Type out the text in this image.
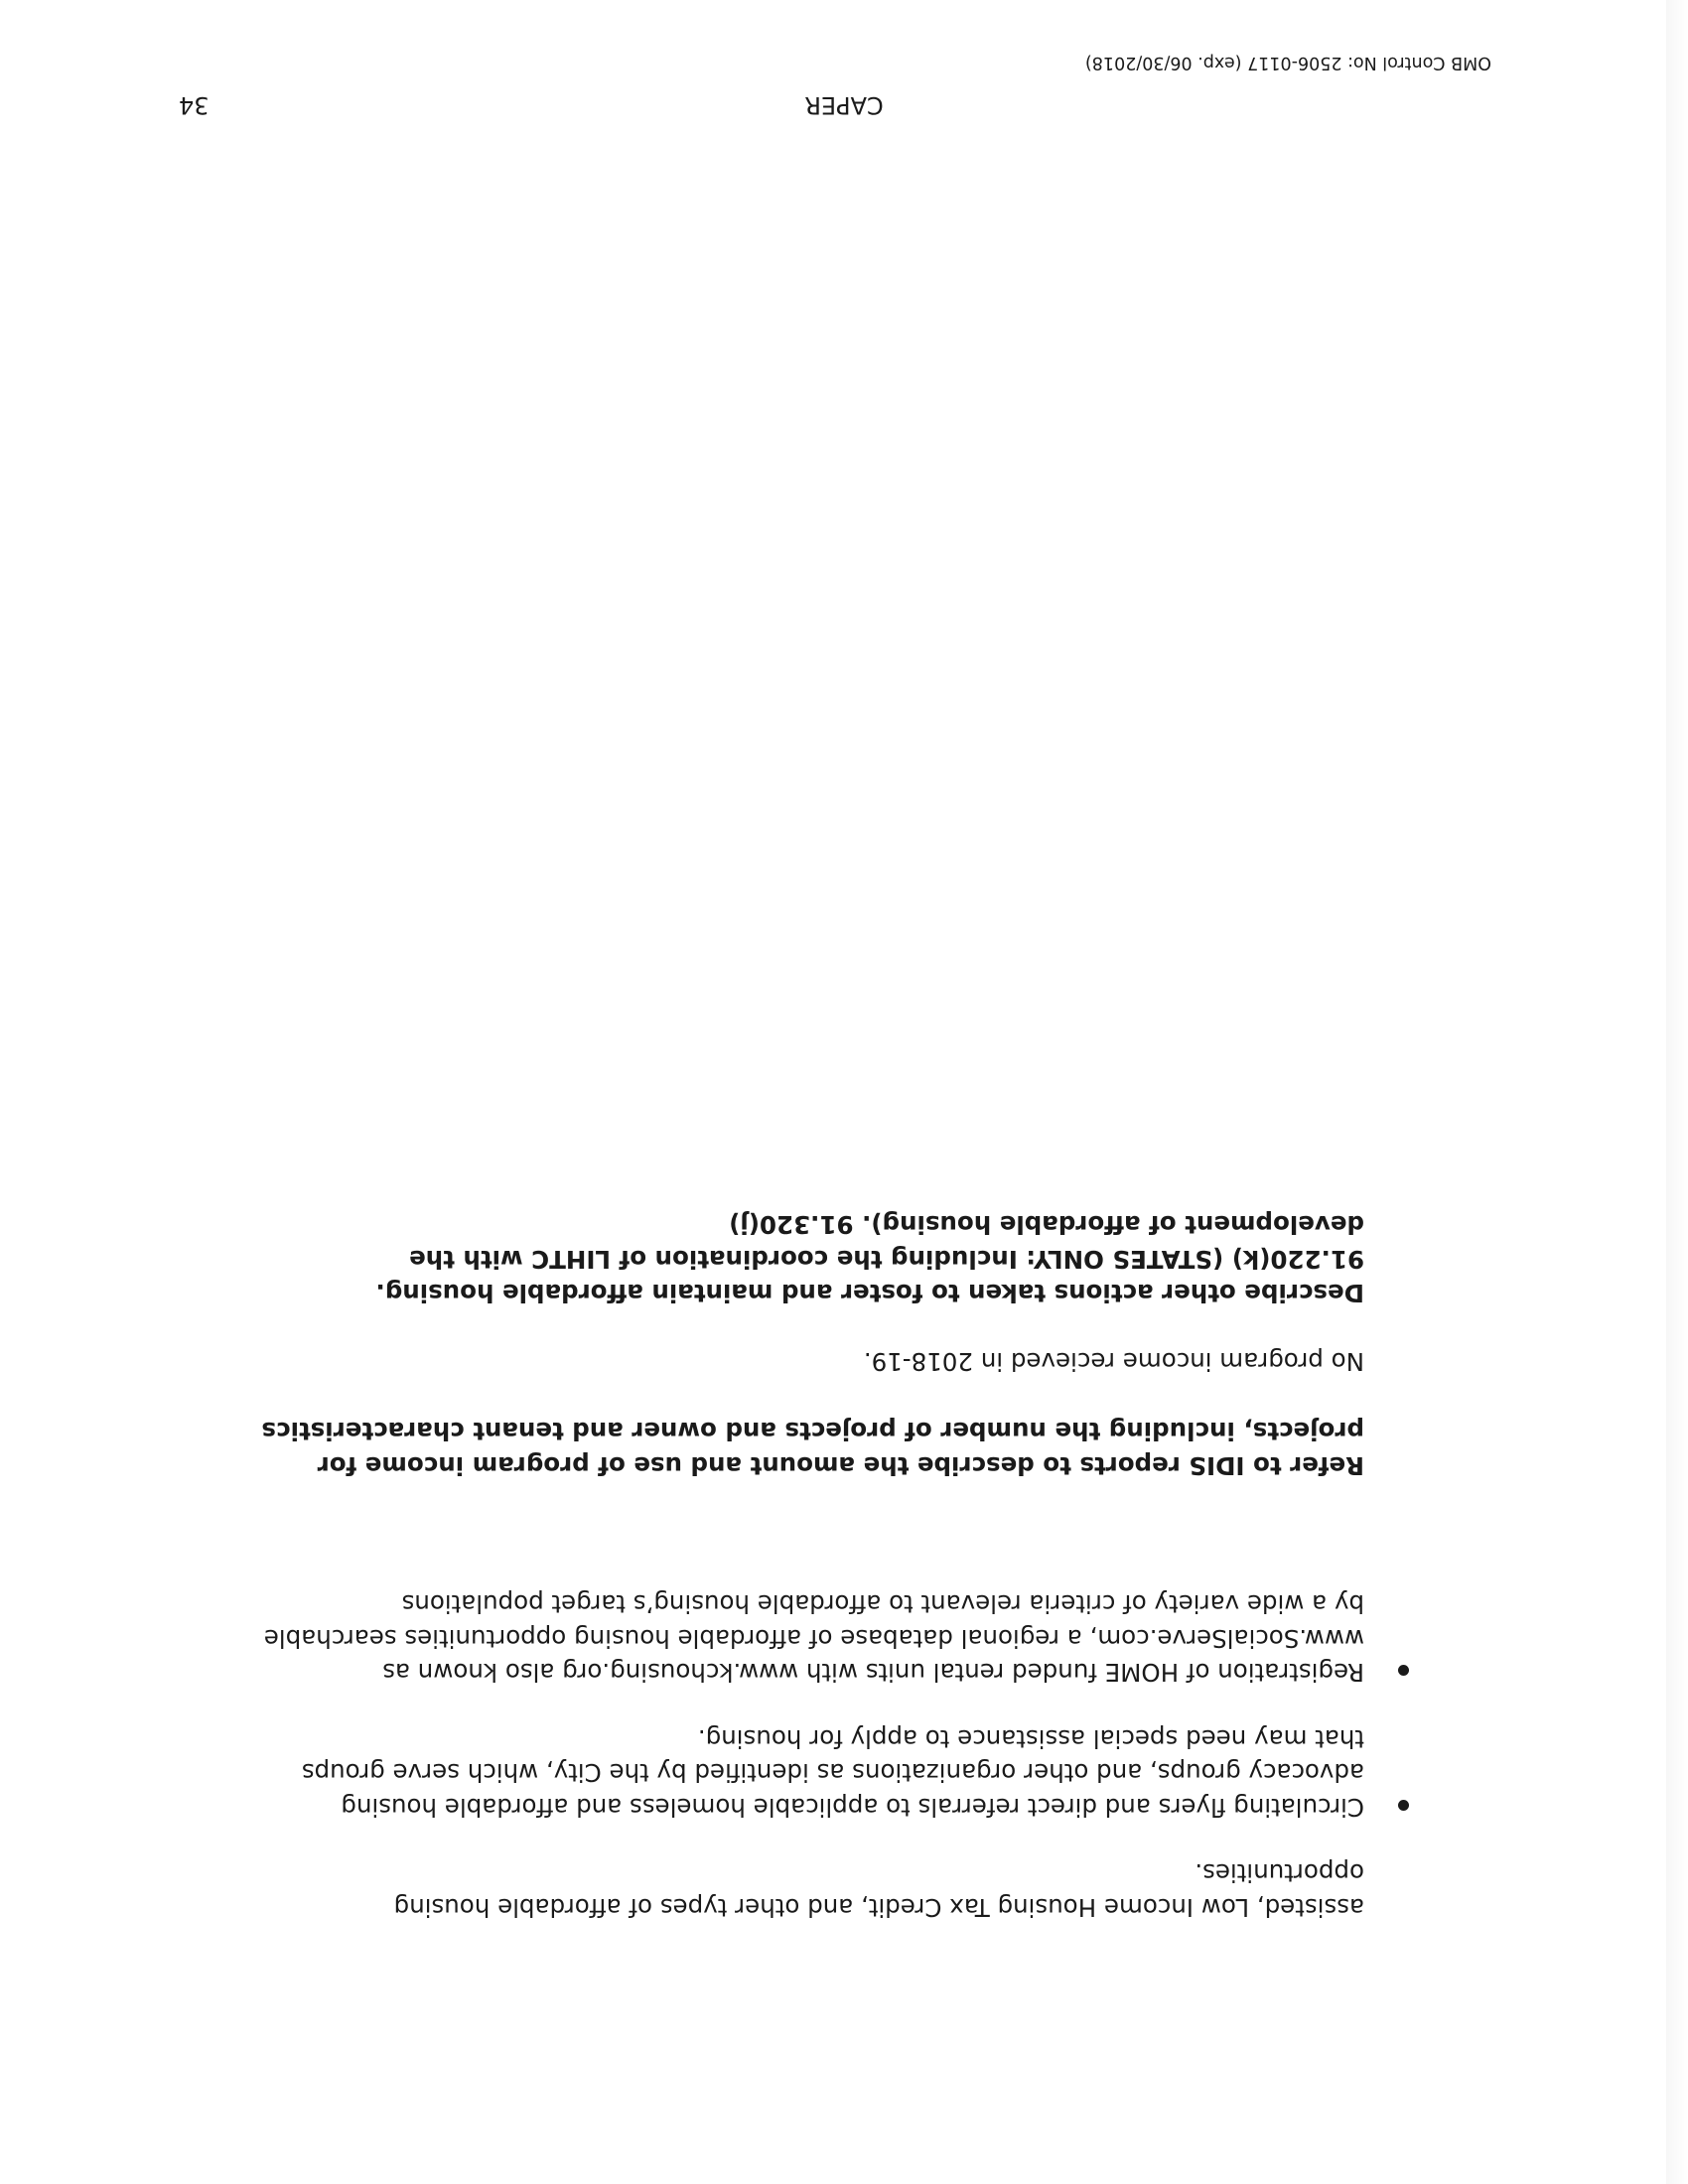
assisted, Low Income Housing Tax Credit, and other types of affordable housing opportunities.

Circulating flyers and direct referrals to applicable homeless and affordable housing advocacy groups, and other organizations as identified by the City, which serve groups that may need special assistance to apply for housing.
Registration of HOME funded rental units with www.kchousing.org also known as www.SocialServe.com, a regional database of affordable housing opportunities searchable by a wide variety of criteria relevant to affordable housing’s target populations

Refer to IDIS reports to describe the amount and use of program income for projects, including the number of projects and owner and tenant characteristics

No program income recieved in 2018-19.

Describe other actions taken to foster and maintain affordable housing. 91.220(k) (STATES ONLY: Including the coordination of LIHTC with the development of affordable housing). 91.320(j)

CAPER
34
OMB Control No: 2506-0117 (exp. 06/30/2018)
